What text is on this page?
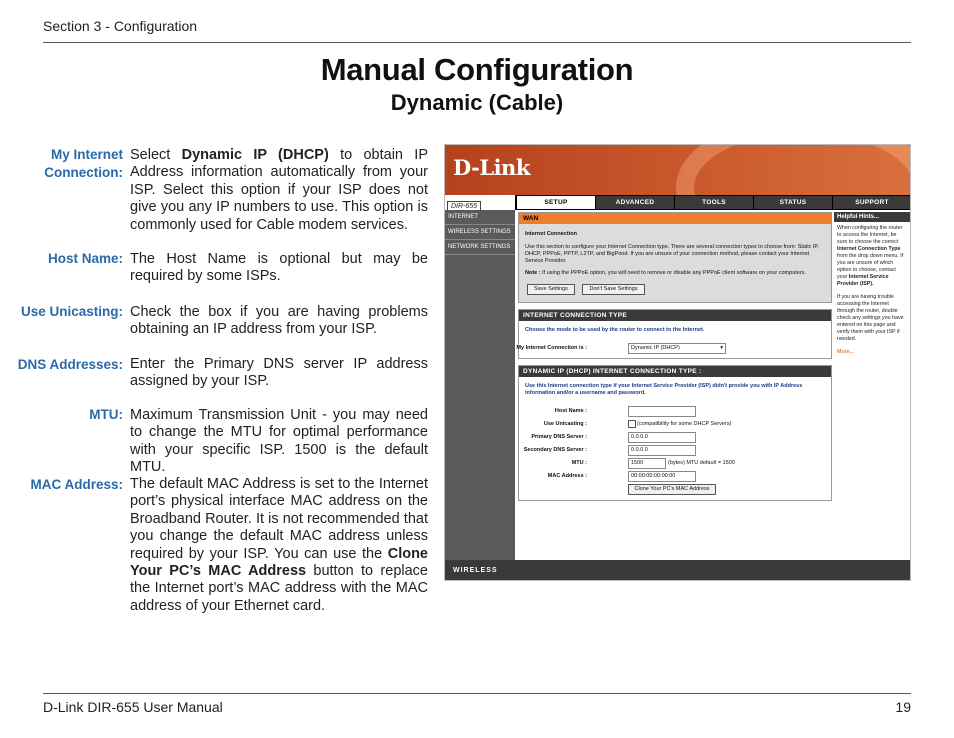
Section 3 - Configuration
Manual Configuration
Dynamic (Cable)
My Internet
Connection:
Select Dynamic IP (DHCP) to obtain IP Address information automatically from your ISP. Select this option if your ISP does not give you any IP numbers to use. This option is commonly used for Cable modem services.
Host Name: The Host Name is optional but may be required by some ISPs.
Use Unicasting: Check the box if you are having problems obtaining an IP address from your ISP.
DNS Addresses: Enter the Primary DNS server IP address assigned by your ISP.
MTU: Maximum Transmission Unit - you may need to change the MTU for optimal performance with your specific ISP. 1500 is the default MTU.
MAC Address: The default MAC Address is set to the Internet port’s physical interface MAC address on the Broadband Router. It is not recommended that you change the default MAC address unless required by your ISP. You can use the Clone Your PC’s MAC Address button to replace the Internet port’s MAC address with the MAC address of your Ethernet card.
D-Link
DIR-655
SETUP	ADVANCED	TOOLS	STATUS	SUPPORT
INTERNET
WIRELESS SETTINGS
NETWORK SETTINGS
WAN
Internet Connection
Use this section to configure your Internet Connection type. There are several connection types to choose from: Static IP, DHCP, PPPoE, PPTP, L2TP, and BigPond. If you are unsure of your connection method, please contact your Internet Service Provider.
Note : If using the PPPoE option, you will need to remove or disable any PPPoE client software on your computers.
Save Settings	Don't Save Settings
INTERNET CONNECTION TYPE
Choose the mode to be used by the router to connect to the Internet.
My Internet Connection is :	Dynamic IP (DHCP)	▾
DYNAMIC IP (DHCP) INTERNET CONNECTION TYPE :
Use this Internet connection type if your Internet Service Provider (ISP) didn't provide you with IP Address information and/or a username and password.
Host Name :
Use Unicasting :	(compatibility for some DHCP Servers)
Primary DNS Server :	0.0.0.0
Secondary DNS Server :	0.0.0.0
MTU :	1500	(bytes) MTU default = 1500
MAC Address :	00:00:00:00:00:00
Clone Your PC's MAC Address
Helpful Hints...
When configuring the router to access the Internet, be sure to choose the correct Internet Connection Type from the drop down menu. If you are unsure of which option to choose, contact your Internet Service Provider (ISP).
If you are having trouble accessing the Internet through the router, double check any settings you have entered on this page and verify them with your ISP if needed.
More...
WIRELESS
D-Link DIR-655 User Manual	19
